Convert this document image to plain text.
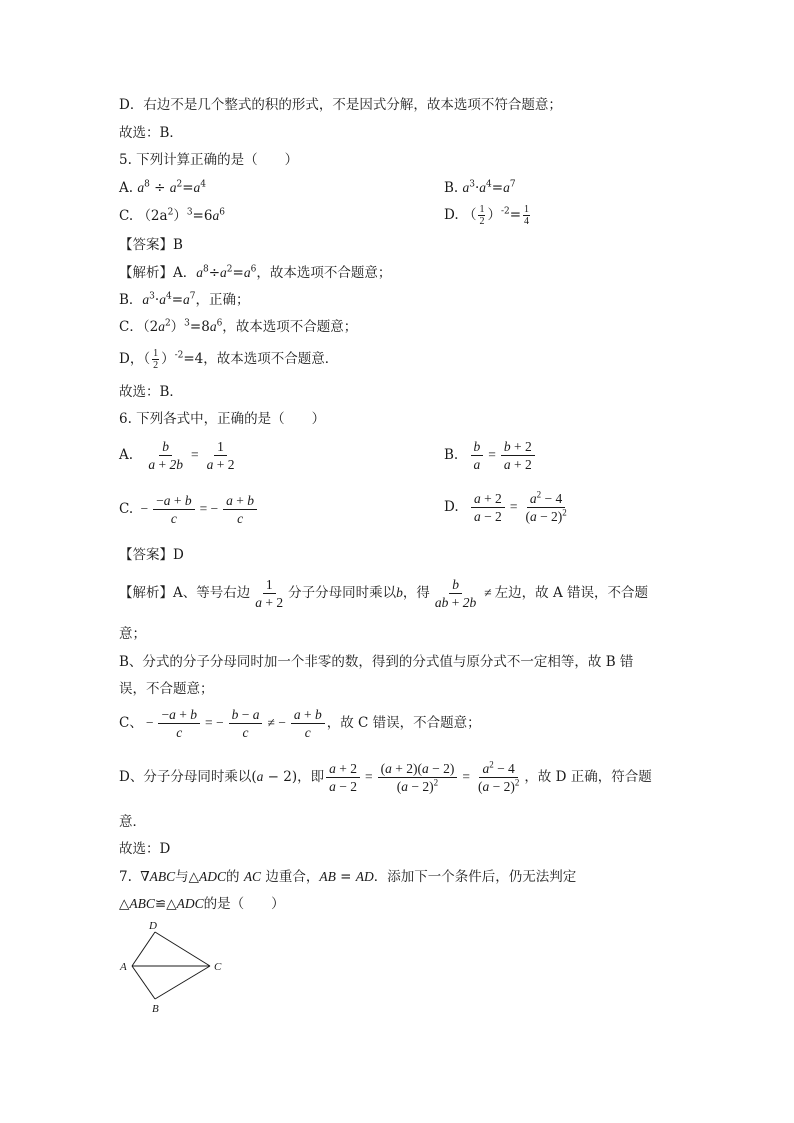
D．右边不是几个整式的积的形式，不是因式分解，故本选项不符合题意；
故选：B．
5. 下列计算正确的是（　　）
A. $a^8 \div a^2=a^4$	B. $a^3\cdot a^4=a^7$
C. $(2a^2)^3=6a^6$	D. （ $\frac{1}{2} )^{-2}= \frac{1}{4}$
【答案】B
【解析】A．$a^8\div a^2=a^6$，故本选项不合题意；
B．$a^3\cdot a^4=a^7$，正确；
C．$(2a^2)^3=8a^6$，故本选项不合题意；
D，（ $\frac{1}{2} )^{-2}=4$，故本选项不合题意．
故选：B．
6. 下列各式中，正确的是（　　）
A. $\frac{b}{a + 2b} = \frac{1}{a + 2}$	B. $\frac{b}{a} = \frac{b + 2}{a + 2}$
C. − $\frac{-a + b}{c}$ = − $\frac{a + b}{c}$	D. $\frac{a + 2}{a - 2} = \frac{a^2 - 4}{(a - 2)^2}$
【答案】D
【解析】A、等号右边 $\frac{1}{a + 2}$ 分子分母同时乘以b，得 $\frac{b}{ab + 2b}$ ≠ 左边，故 A 错误，不合题
意；
B、分式的分子分母同时加一个非零的数，得到的分式值与原分式不一定相等，故 B 错
误，不合题意；
C、 − $\frac{-a + b}{c}$ = − $\frac{b - a}{c}$ ≠ − $\frac{a + b}{c}$ ，故 C 错误，不合题意；
D、分子分母同时乘以(a − 2)，即 $\frac{a + 2}{a - 2} = \frac{(a + 2)(a - 2)}{(a - 2)^2} = \frac{a^2 - 4}{(a - 2)^2}$ ，故 D 正确，符合题
意．
故选：D
7. ∇ABC与△ADC的 AC 边重合，AB = AD．添加下一个条件后，仍无法判定
△ABC≌△ADC的是（　　）
D
A	C
B
